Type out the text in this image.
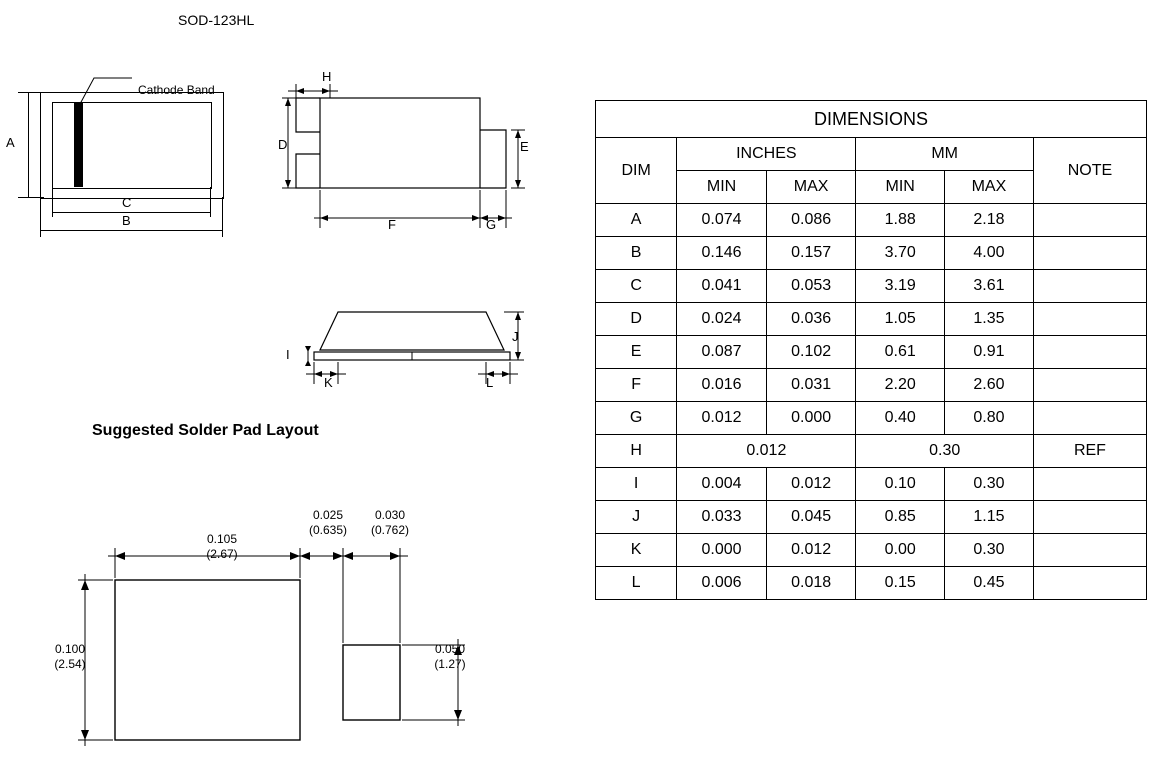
SOD-123HL
A
Cathode Band
C
B
H
D	E
F	G
I
J
K	L
Suggested Solder Pad Layout
0.105
(2.67)
0.025
(0.635)
0.030
(0.762)
0.100
(2.54)
0.050
(1.27)
DIMENSIONS					
DIM	INCHES		MM		NOTE
	MIN	MAX	MIN	MAX	
A	0.074	0.086	1.88	2.18	
B	0.146	0.157	3.70	4.00	
C	0.041	0.053	3.19	3.61	
D	0.024	0.036	1.05	1.35	
E	0.087	0.102	0.61	0.91	
F	0.016	0.031	2.20	2.60	
G	0.012	0.000	0.40	0.80	
H	0.012		0.30		REF
I	0.004	0.012	0.10	0.30	
J	0.033	0.045	0.85	1.15	
K	0.000	0.012	0.00	0.30	
L	0.006	0.018	0.15	0.45	
